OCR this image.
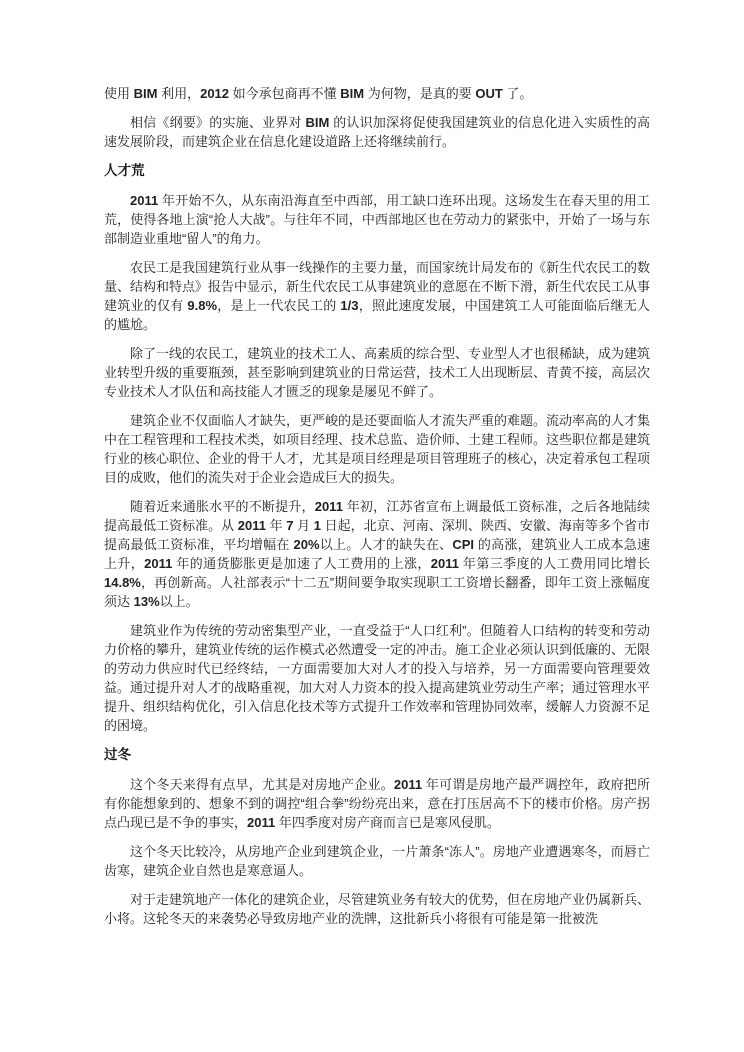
使用 BIM 利用，2012 如今承包商再不懂 BIM 为何物，是真的要 OUT 了。

相信《纲要》的实施、业界对 BIM 的认识加深将促使我国建筑业的信息化进入实质性的高速发展阶段，而建筑企业在信息化建设道路上还将继续前行。

人才荒

2011 年开始不久，从东南沿海直至中西部，用工缺口连环出现。这场发生在春天里的用工荒，使得各地上演“抢人大战”。与往年不同，中西部地区也在劳动力的紧张中，开始了一场与东部制造业重地“留人”的角力。

农民工是我国建筑行业从事一线操作的主要力量，而国家统计局发布的《新生代农民工的数量、结构和特点》报告中显示，新生代农民工从事建筑业的意愿在不断下滑，新生代农民工从事建筑业的仅有 9.8%，是上一代农民工的 1/3，照此速度发展，中国建筑工人可能面临后继无人的尴尬。

除了一线的农民工，建筑业的技术工人、高素质的综合型、专业型人才也很稀缺，成为建筑业转型升级的重要瓶颈，甚至影响到建筑业的日常运营，技术工人出现断层、青黄不接，高层次专业技术人才队伍和高技能人才匮乏的现象是屡见不鲜了。

建筑企业不仅面临人才缺失，更严峻的是还要面临人才流失严重的难题。流动率高的人才集中在工程管理和工程技术类，如项目经理、技术总监、造价师、土建工程师。这些职位都是建筑行业的核心职位、企业的骨干人才，尤其是项目经理是项目管理班子的核心，决定着承包工程项目的成败，他们的流失对于企业会造成巨大的损失。

随着近来通胀水平的不断提升，2011 年初，江苏省宣布上调最低工资标准，之后各地陆续提高最低工资标准。从 2011 年 7 月 1 日起，北京、河南、深圳、陕西、安徽、海南等多个省市提高最低工资标准，平均增幅在 20%以上。人才的缺失在、CPI 的高涨，建筑业人工成本急速上升，2011 年的通货膨胀更是加速了人工费用的上涨，2011 年第三季度的人工费用同比增长 14.8%，再创新高。人社部表示“十二五”期间要争取实现职工工资增长翻番，即年工资上涨幅度须达 13%以上。

建筑业作为传统的劳动密集型产业，一直受益于“人口红利”。但随着人口结构的转变和劳动力价格的攀升，建筑业传统的运作模式必然遭受一定的冲击。施工企业必须认识到低廉的、无限的劳动力供应时代已经终结，一方面需要加大对人才的投入与培养，另一方面需要向管理要效益。通过提升对人才的战略重视，加大对人力资本的投入提高建筑业劳动生产率；通过管理水平提升、组织结构优化，引入信息化技术等方式提升工作效率和管理协同效率，缓解人力资源不足的困境。

过冬

这个冬天来得有点早，尤其是对房地产企业。2011 年可谓是房地产最严调控年，政府把所有你能想象到的、想象不到的调控“组合拳”纷纷亮出来，意在打压居高不下的楼市价格。房产拐点凸现已是不争的事实，2011 年四季度对房产商而言已是寒风侵肌。

这个冬天比较冷，从房地产企业到建筑企业，一片萧条“冻人”。房地产业遭遇寒冬，而唇亡齿寒，建筑企业自然也是寒意逼人。

对于走建筑地产一体化的建筑企业，尽管建筑业务有较大的优势，但在房地产业仍属新兵、小将。这轮冬天的来袭势必导致房地产业的洗牌，这批新兵小将很有可能是第一批被洗
